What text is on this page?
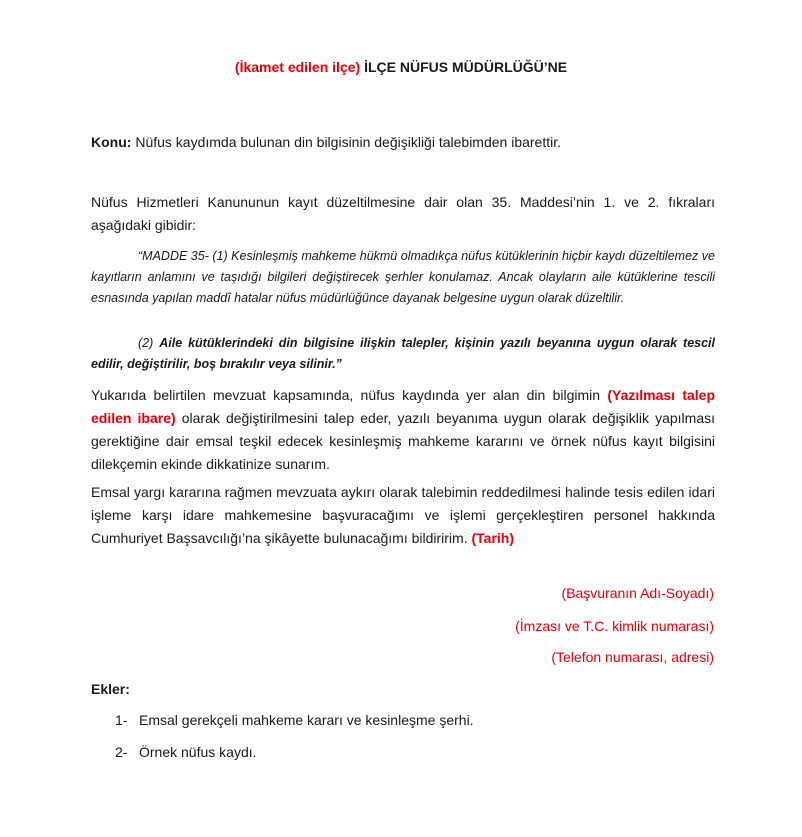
(İkamet edilen ilçe) İLÇE NÜFUS MÜDÜRLÜĞÜ’NE
Konu: Nüfus kaydımda bulunan din bilgisinin değişikliği talebimden ibarettir.
Nüfus Hizmetleri Kanununun kayıt düzeltilmesine dair olan 35. Maddesi’nin 1. ve 2. fıkraları aşağıdaki gibidir:
“MADDE 35- (1) Kesinleşmiş mahkeme hükmü olmadıkça nüfus kütüklerinin hiçbir kaydı düzeltilemez ve kayıtların anlamını ve taşıdığı bilgileri değiştirecek şerhler konulamaz. Ancak olayların aile kütüklerine tescili esnasında yapılan maddî hatalar nüfus müdürlüğünce dayanak belgesine uygun olarak düzeltilir.
(2) Aile kütüklerindeki din bilgisine ilişkin talepler, kişinin yazılı beyanına uygun olarak tescil edilir, değiştirilir, boş bırakılır veya silinir.”
Yukarıda belirtilen mevzuat kapsamında, nüfus kaydında yer alan din bilgimin (Yazılması talep edilen ibare) olarak değiştirilmesini talep eder, yazılı beyanıma uygun olarak değişiklik yapılması gerektiğine dair emsal teşkil edecek kesinleşmiş mahkeme kararını ve örnek nüfus kayıt bilgisini dilekçemin ekinde dikkatinize sunarım.
Emsal yargı kararına rağmen mevzuata aykırı olarak talebimin reddedilmesi halinde tesis edilen idari işleme karşı idare mahkemesine başvuracağımı ve işlemi gerçekleştiren personel hakkında Cumhuriyet Başsavcılığı’na şikâyette bulunacağımı bildiririm. (Tarih)
(Başvuranın Adı-Soyadı)
(İmzası ve T.C. kimlik numarası)
(Telefon numarası, adresi)
Ekler:
1- Emsal gerekçeli mahkeme kararı ve kesinleşme şerhi.
2- Örnek nüfus kaydı.
